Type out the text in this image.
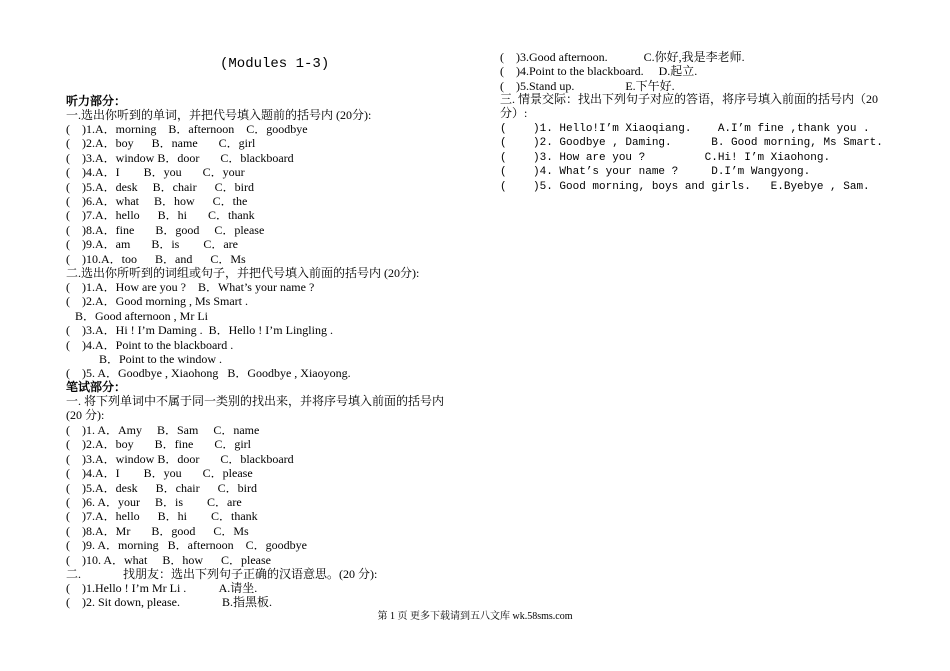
(Modules 1-3)
听力部分：
一.选出你听到的单词，并把代号填入题前的括号内 (20分):
(    )1.A．morning    B．afternoon    C．goodbye
(    )2.A．boy      B．name       C．girl
(    )3.A．window B．door       C．blackboard
(    )4.A．I        B．you       C．your
(    )5.A．desk     B．chair      C．bird
(    )6.A．what     B．how      C．the
(    )7.A．hello      B．hi       C．thank
(    )8.A．fine       B．good     C．please
(    )9.A．am       B．is        C．are
(    )10.A．too      B．and      C．Ms
二.选出你所听到的词组或句子，并把代号填入前面的括号内 (20分):
(    )1.A．How are you ?    B．What’s your name ?
(    )2.A．Good morning , Ms Smart .
B．Good afternoon , Mr Li
(    )3.A．Hi ! I’m Daming .  B．Hello ! I’m Lingling .
(    )4.A．Point to the blackboard .
B．Point to the window .
(    )5. A．Goodbye , Xiaohong   B．Goodbye , Xiaoyong.
笔试部分：
一. 将下列单词中不属于同一类别的找出来，并将序号填入前面的括号内
(20 分):
(    )1. A．Amy     B．Sam     C．name
(    )2.A．boy       B．fine       C．girl
(    )3.A．window B．door       C．blackboard
(    )4.A．I        B．you       C．please
(    )5.A．desk      B．chair      C．bird
(    )6. A．your     B．is        C．are
(    )7.A．hello      B．hi        C．thank
(    )8.A．Mr       B．good      C．Ms
(    )9. A．morning   B．afternoon    C．goodbye
(    )10. A．what     B．how      C．please
二.              找朋友：选出下列句子正确的汉语意思。(20 分):
(    )1.Hello ! I’m Mr Li .           A.请坐.
(    )2. Sit down, please.              B.指黑板.
(    )3.Good afternoon.            C.你好,我是李老师.
(    )4.Point to the blackboard.     D.起立.
(    )5.Stand up.                 E.下午好.
三. 情景交际：找出下列句子对应的答语，将序号填入前面的括号内（20
分）:
(    )1. Hello!I’m Xiaoqiang.    A.I’m fine ,thank you .
(    )2. Goodbye , Daming.      B. Good morning, Ms Smart.
(    )3. How are you ?         C.Hi! I’m Xiaohong.
(    )4. What’s your name ?     D.I’m Wangyong.
(    )5. Good morning, boys and girls.   E.Byebye , Sam.
第 1 页 更多下载请到五八文库 wk.58sms.com
